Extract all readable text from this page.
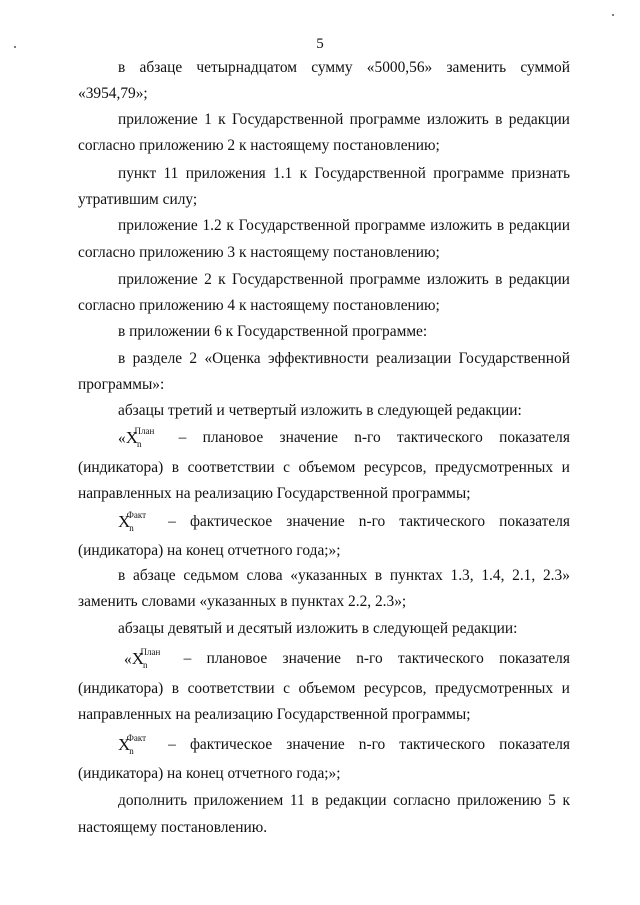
5
в абзаце четырнадцатом сумму «5000,56» заменить суммой
«3954,79»;
приложение 1 к Государственной программе изложить в редакции
согласно приложению 2 к настоящему постановлению;
пункт 11 приложения 1.1 к Государственной программе признать
утратившим силу;
приложение 1.2 к Государственной программе изложить в редакции
согласно приложению 3 к настоящему постановлению;
приложение 2 к Государственной программе изложить в редакции
согласно приложению 4 к настоящему постановлению;
в приложении 6 к Государственной программе:
в разделе 2 «Оценка эффективности реализации Государственной
программы»:
абзацы третий и четвертый изложить в следующей редакции:
« X n
План – плановое значение n-го тактического показателя
(индикатора) в соответствии с объемом ресурсов, предусмотренных и
направленных на реализацию Государственной программы;
X n
Факт – фактическое значение n-го тактического показателя
(индикатора) на конец отчетного года;»;
в абзаце седьмом слова «указанных в пунктах 1.3, 1.4, 2.1, 2.3»
заменить словами «указанных в пунктах 2.2, 2.3»;
абзацы девятый и десятый изложить в следующей редакции:
« X n
План – плановое значение n-го тактического показателя
(индикатора) в соответствии с объемом ресурсов, предусмотренных и
направленных на реализацию Государственной программы;
X n
Факт – фактическое значение n-го тактического показателя
(индикатора) на конец отчетного года;»;
дополнить приложением 11 в редакции согласно приложению 5 к
настоящему постановлению.
